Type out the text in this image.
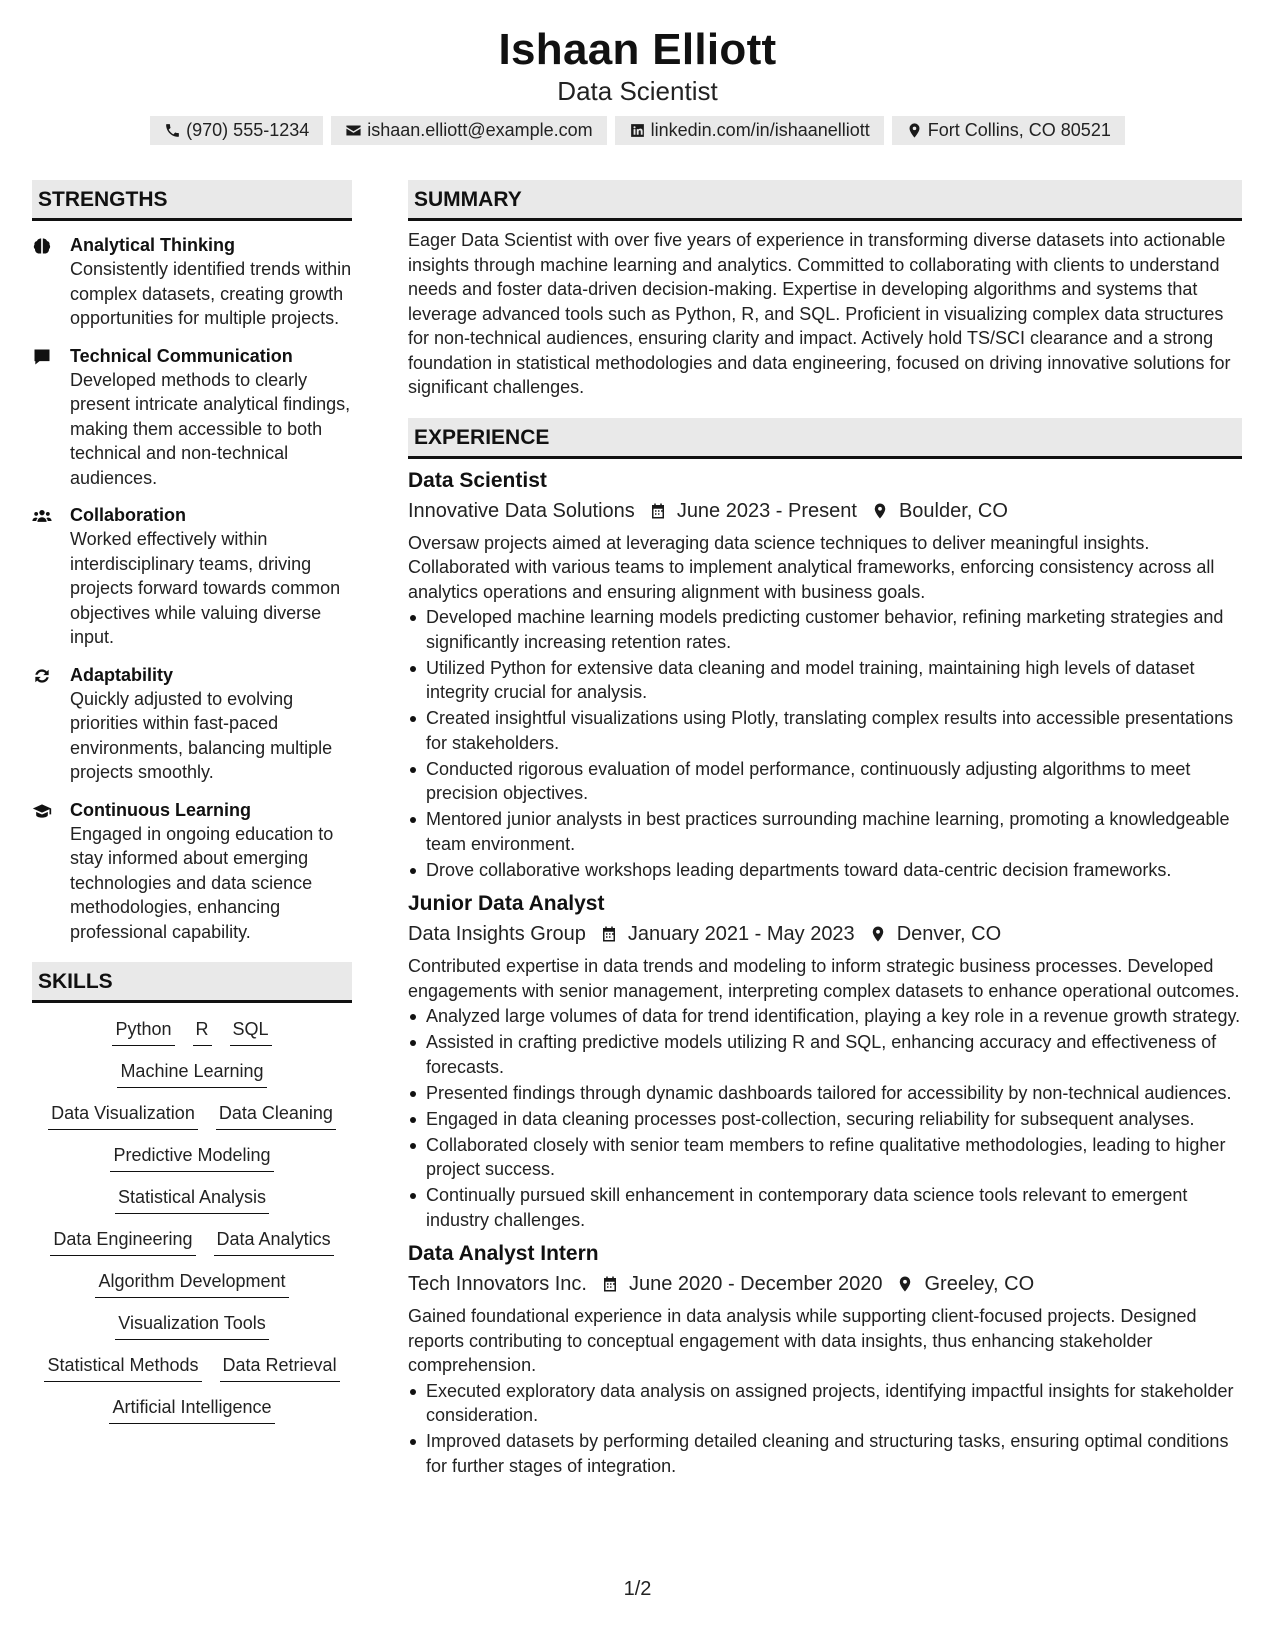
Ishaan Elliott
Data Scientist
(970) 555-1234	ishaan.elliott@example.com	linkedin.com/in/ishaanelliott	Fort Collins, CO 80521
STRENGTHS
Analytical Thinking
Consistently identified trends within complex datasets, creating growth opportunities for multiple projects.
Technical Communication
Developed methods to clearly present intricate analytical findings, making them accessible to both technical and non-technical audiences.
Collaboration
Worked effectively within interdisciplinary teams, driving projects forward towards common objectives while valuing diverse input.
Adaptability
Quickly adjusted to evolving priorities within fast-paced environments, balancing multiple projects smoothly.
Continuous Learning
Engaged in ongoing education to stay informed about emerging technologies and data science methodologies, enhancing professional capability.
SKILLS
Python R SQL
Machine Learning
Data Visualization Data Cleaning
Predictive Modeling
Statistical Analysis
Data Engineering Data Analytics
Algorithm Development
Visualization Tools
Statistical Methods Data Retrieval
Artificial Intelligence
SUMMARY
Eager Data Scientist with over five years of experience in transforming diverse datasets into actionable insights through machine learning and analytics. Committed to collaborating with clients to understand needs and foster data-driven decision-making. Expertise in developing algorithms and systems that leverage advanced tools such as Python, R, and SQL. Proficient in visualizing complex data structures for non-technical audiences, ensuring clarity and impact. Actively hold TS/SCI clearance and a strong foundation in statistical methodologies and data engineering, focused on driving innovative solutions for significant challenges.
EXPERIENCE
Data Scientist
Innovative Data Solutions June 2023 - Present Boulder, CO
Oversaw projects aimed at leveraging data science techniques to deliver meaningful insights. Collaborated with various teams to implement analytical frameworks, enforcing consistency across all analytics operations and ensuring alignment with business goals.
Developed machine learning models predicting customer behavior, refining marketing strategies and significantly increasing retention rates.
Utilized Python for extensive data cleaning and model training, maintaining high levels of dataset integrity crucial for analysis.
Created insightful visualizations using Plotly, translating complex results into accessible presentations for stakeholders.
Conducted rigorous evaluation of model performance, continuously adjusting algorithms to meet precision objectives.
Mentored junior analysts in best practices surrounding machine learning, promoting a knowledgeable team environment.
Drove collaborative workshops leading departments toward data-centric decision frameworks.
Junior Data Analyst
Data Insights Group January 2021 - May 2023 Denver, CO
Contributed expertise in data trends and modeling to inform strategic business processes. Developed engagements with senior management, interpreting complex datasets to enhance operational outcomes.
Analyzed large volumes of data for trend identification, playing a key role in a revenue growth strategy.
Assisted in crafting predictive models utilizing R and SQL, enhancing accuracy and effectiveness of forecasts.
Presented findings through dynamic dashboards tailored for accessibility by non-technical audiences.
Engaged in data cleaning processes post-collection, securing reliability for subsequent analyses.
Collaborated closely with senior team members to refine qualitative methodologies, leading to higher project success.
Continually pursued skill enhancement in contemporary data science tools relevant to emergent industry challenges.
Data Analyst Intern
Tech Innovators Inc. June 2020 - December 2020 Greeley, CO
Gained foundational experience in data analysis while supporting client-focused projects. Designed reports contributing to conceptual engagement with data insights, thus enhancing stakeholder comprehension.
Executed exploratory data analysis on assigned projects, identifying impactful insights for stakeholder consideration.
Improved datasets by performing detailed cleaning and structuring tasks, ensuring optimal conditions for further stages of integration.
1/2
